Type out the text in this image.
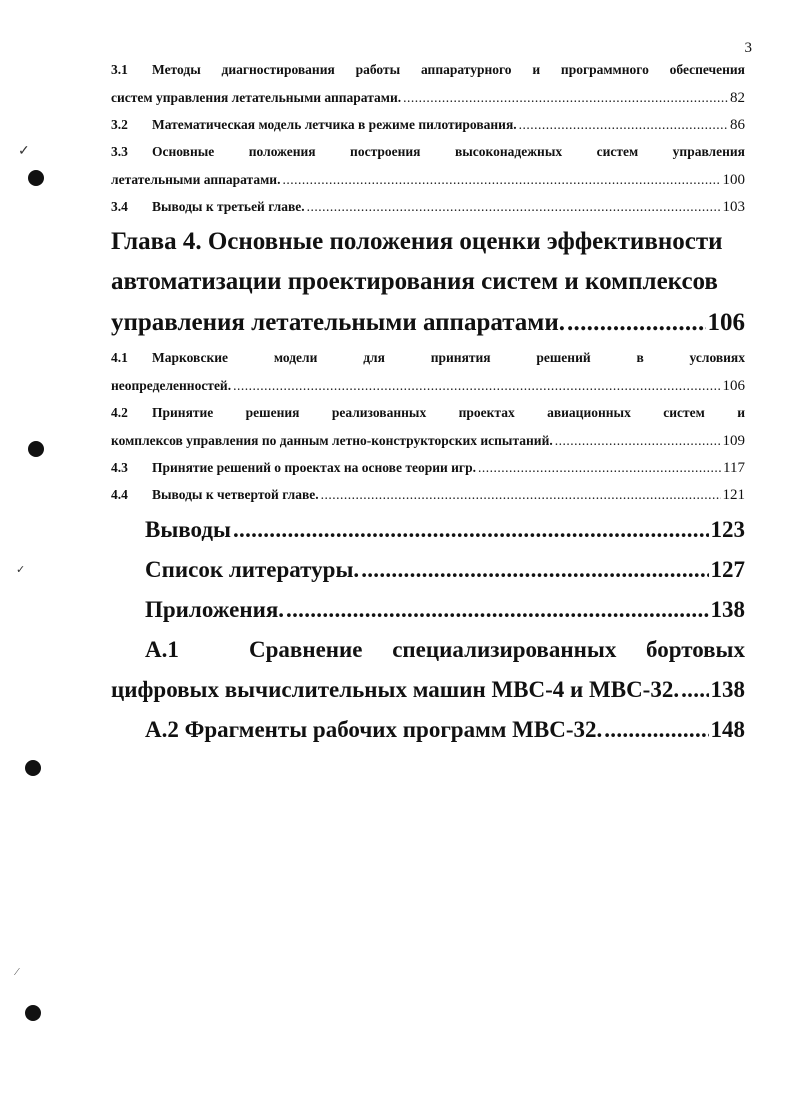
3
✓
✓
⁄
3.1	Методы диагностирования работы аппаратурного и программного обеспечения
систем управления летательными аппаратами. .....	82
3.2	Математическая модель летчика в режиме пилотирования. .....	86
3.3	Основные положения построения высоконадежных систем управления
летательными аппаратами. .....	100
3.4	Выводы к третьей главе. .....	103
Глава 4. Основные положения оценки эффективности
автоматизации проектирования систем и комплексов
управления летательными аппаратами. .....	106
4.1	Марковские модели для принятия решений в условиях
неопределенностей. .....	106
4.2	Принятие решения реализованных проектах авиационных систем и
комплексов управления по данным летно-конструкторских испытаний. .....	109
4.3	Принятие решений о проектах на основе теории игр. .....	117
4.4	Выводы к четвертой главе. .....	121
Выводы .....	123
Список литературы. .....	127
Приложения. .....	138
А.1	Сравнение специализированных бортовых
цифровых вычислительных машин МВС-4 и МВС-32. ..... 138
А.2 Фрагменты рабочих программ МВС-32. .....	148
